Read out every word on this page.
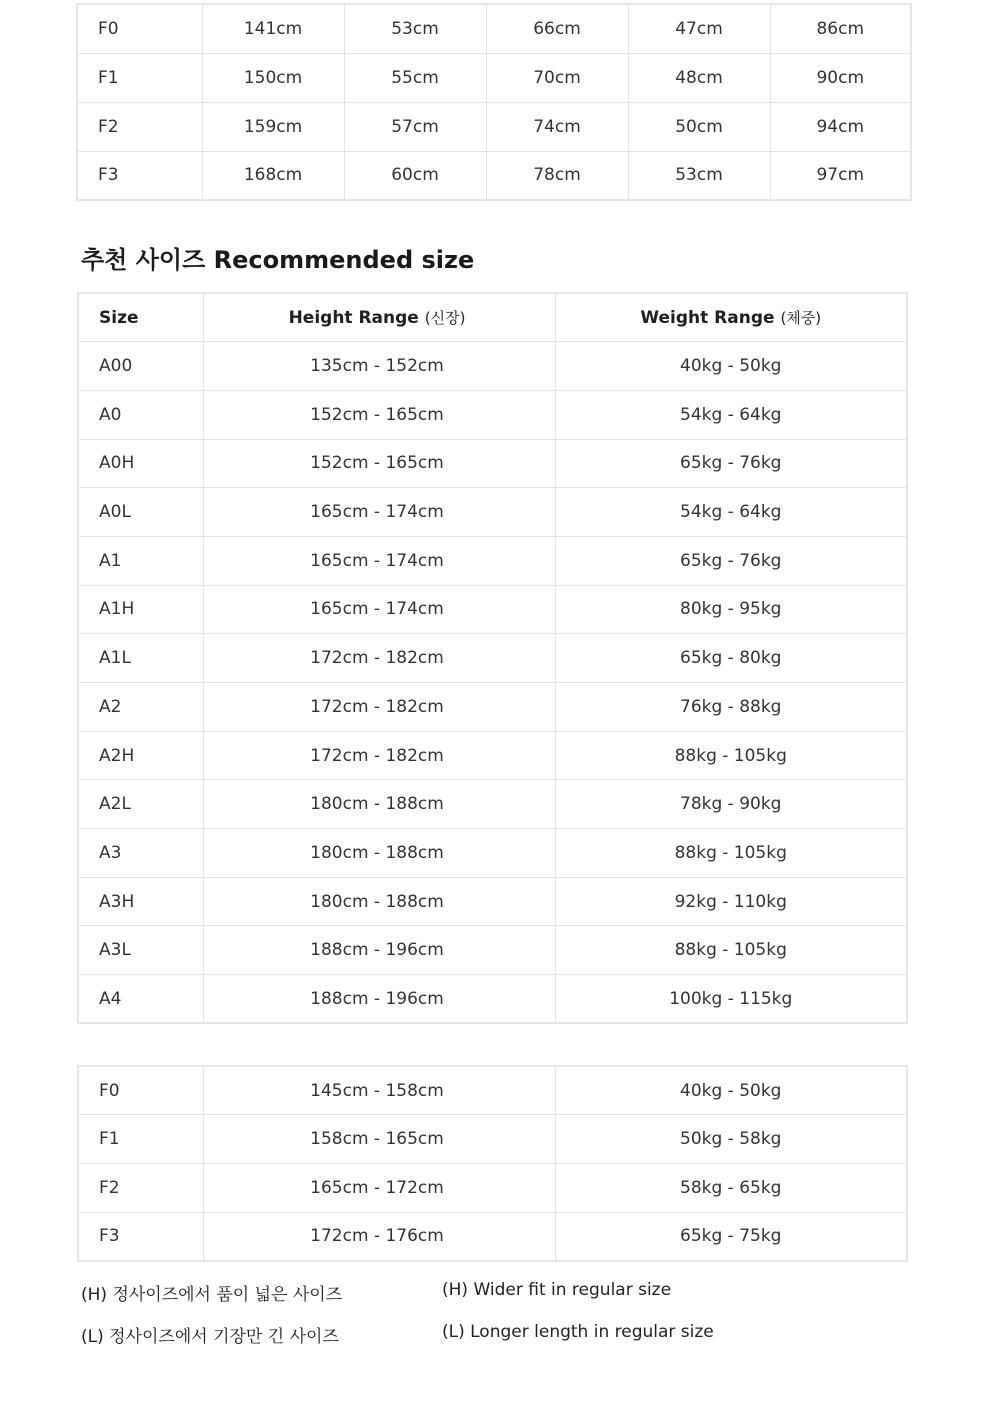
F0	141cm	53cm	66cm	47cm	86cm
F1	150cm	55cm	70cm	48cm	90cm
F2	159cm	57cm	74cm	50cm	94cm
F3	168cm	60cm	78cm	53cm	97cm
추천 사이즈 Recommended size
Size	Height Range (신장)	Weight Range (체중)
A00	135cm - 152cm	40kg - 50kg
A0	152cm - 165cm	54kg - 64kg
A0H	152cm - 165cm	65kg - 76kg
A0L	165cm - 174cm	54kg - 64kg
A1	165cm - 174cm	65kg - 76kg
A1H	165cm - 174cm	80kg - 95kg
A1L	172cm - 182cm	65kg - 80kg
A2	172cm - 182cm	76kg - 88kg
A2H	172cm - 182cm	88kg - 105kg
A2L	180cm - 188cm	78kg - 90kg
A3	180cm - 188cm	88kg - 105kg
A3H	180cm - 188cm	92kg - 110kg
A3L	188cm - 196cm	88kg - 105kg
A4	188cm - 196cm	100kg - 115kg
F0	145cm - 158cm	40kg - 50kg
F1	158cm - 165cm	50kg - 58kg
F2	165cm - 172cm	58kg - 65kg
F3	172cm - 176cm	65kg - 75kg
(H) 정사이즈에서 품이 넓은 사이즈	(H) Wider fit in regular size
(L) 정사이즈에서 기장만 긴 사이즈	(L) Longer length in regular size
